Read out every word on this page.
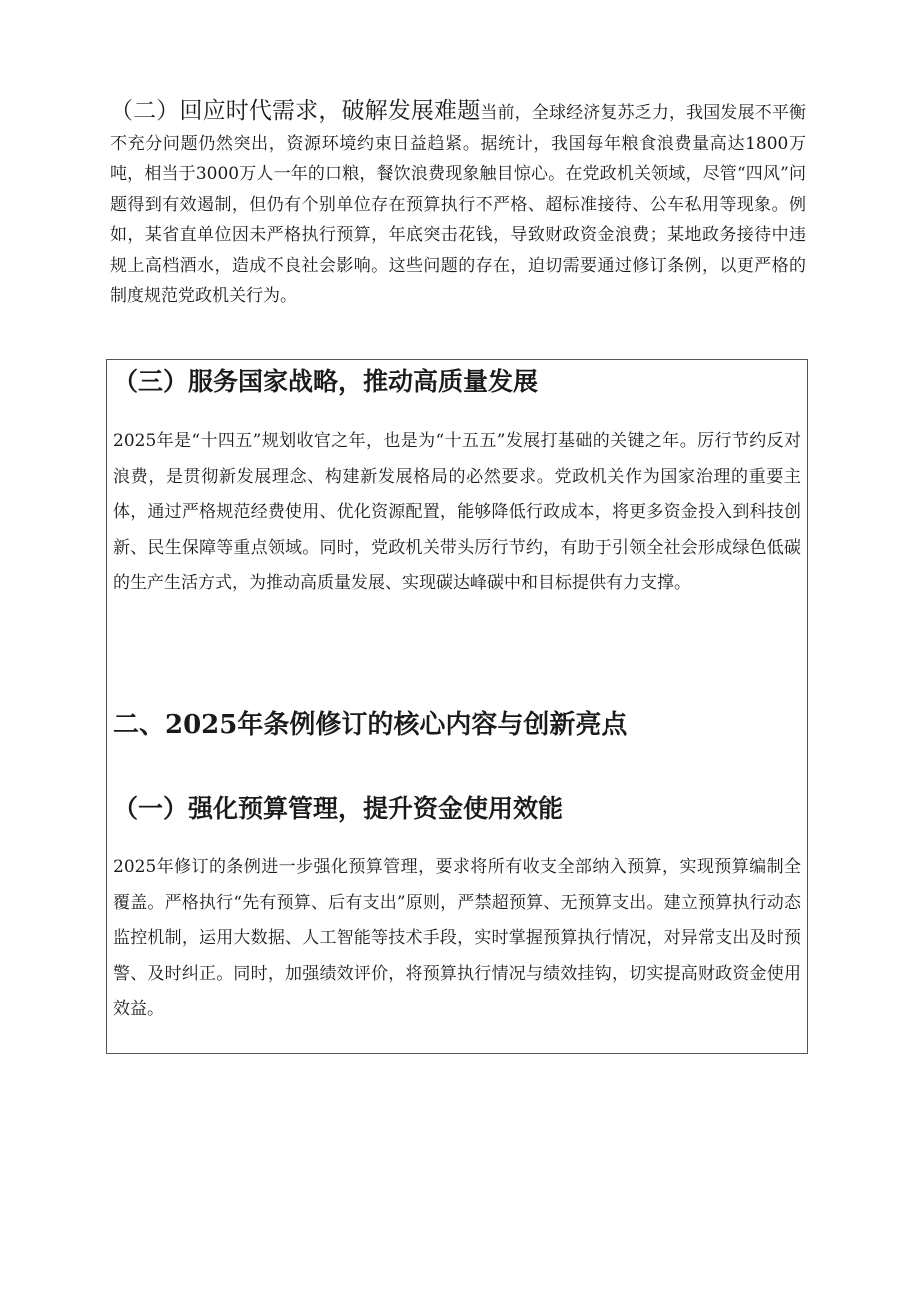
（二）回应时代需求，破解发展难题当前，全球经济复苏乏力，我国发展不平衡不充分问题仍然突出，资源环境约束日益趋紧。据统计，我国每年粮食浪费量高达1800万吨，相当于3000万人一年的口粮，餐饮浪费现象触目惊心。在党政机关领域，尽管“四风”问题得到有效遏制，但仍有个别单位存在预算执行不严格、超标准接待、公车私用等现象。例如，某省直单位因未严格执行预算，年底突击花钱，导致财政资金浪费；某地政务接待中违规上高档酒水，造成不良社会影响。这些问题的存在，迫切需要通过修订条例，以更严格的制度规范党政机关行为。
（三）服务国家战略，推动高质量发展

2025年是“十四五”规划收官之年，也是为“十五五”发展打基础的关键之年。厉行节约反对浪费，是贯彻新发展理念、构建新发展格局的必然要求。党政机关作为国家治理的重要主体，通过严格规范经费使用、优化资源配置，能够降低行政成本，将更多资金投入到科技创新、民生保障等重点领域。同时，党政机关带头厉行节约，有助于引领全社会形成绿色低碳的生产生活方式，为推动高质量发展、实现碳达峰碳中和目标提供有力支撑。

二、2025年条例修订的核心内容与创新亮点
（一）强化预算管理，提升资金使用效能

2025年修订的条例进一步强化预算管理，要求将所有收支全部纳入预算，实现预算编制全覆盖。严格执行“先有预算、后有支出”原则，严禁超预算、无预算支出。建立预算执行动态监控机制，运用大数据、人工智能等技术手段，实时掌握预算执行情况，对异常支出及时预警、及时纠正。同时，加强绩效评价，将预算执行情况与绩效挂钩，切实提高财政资金使用效益。
